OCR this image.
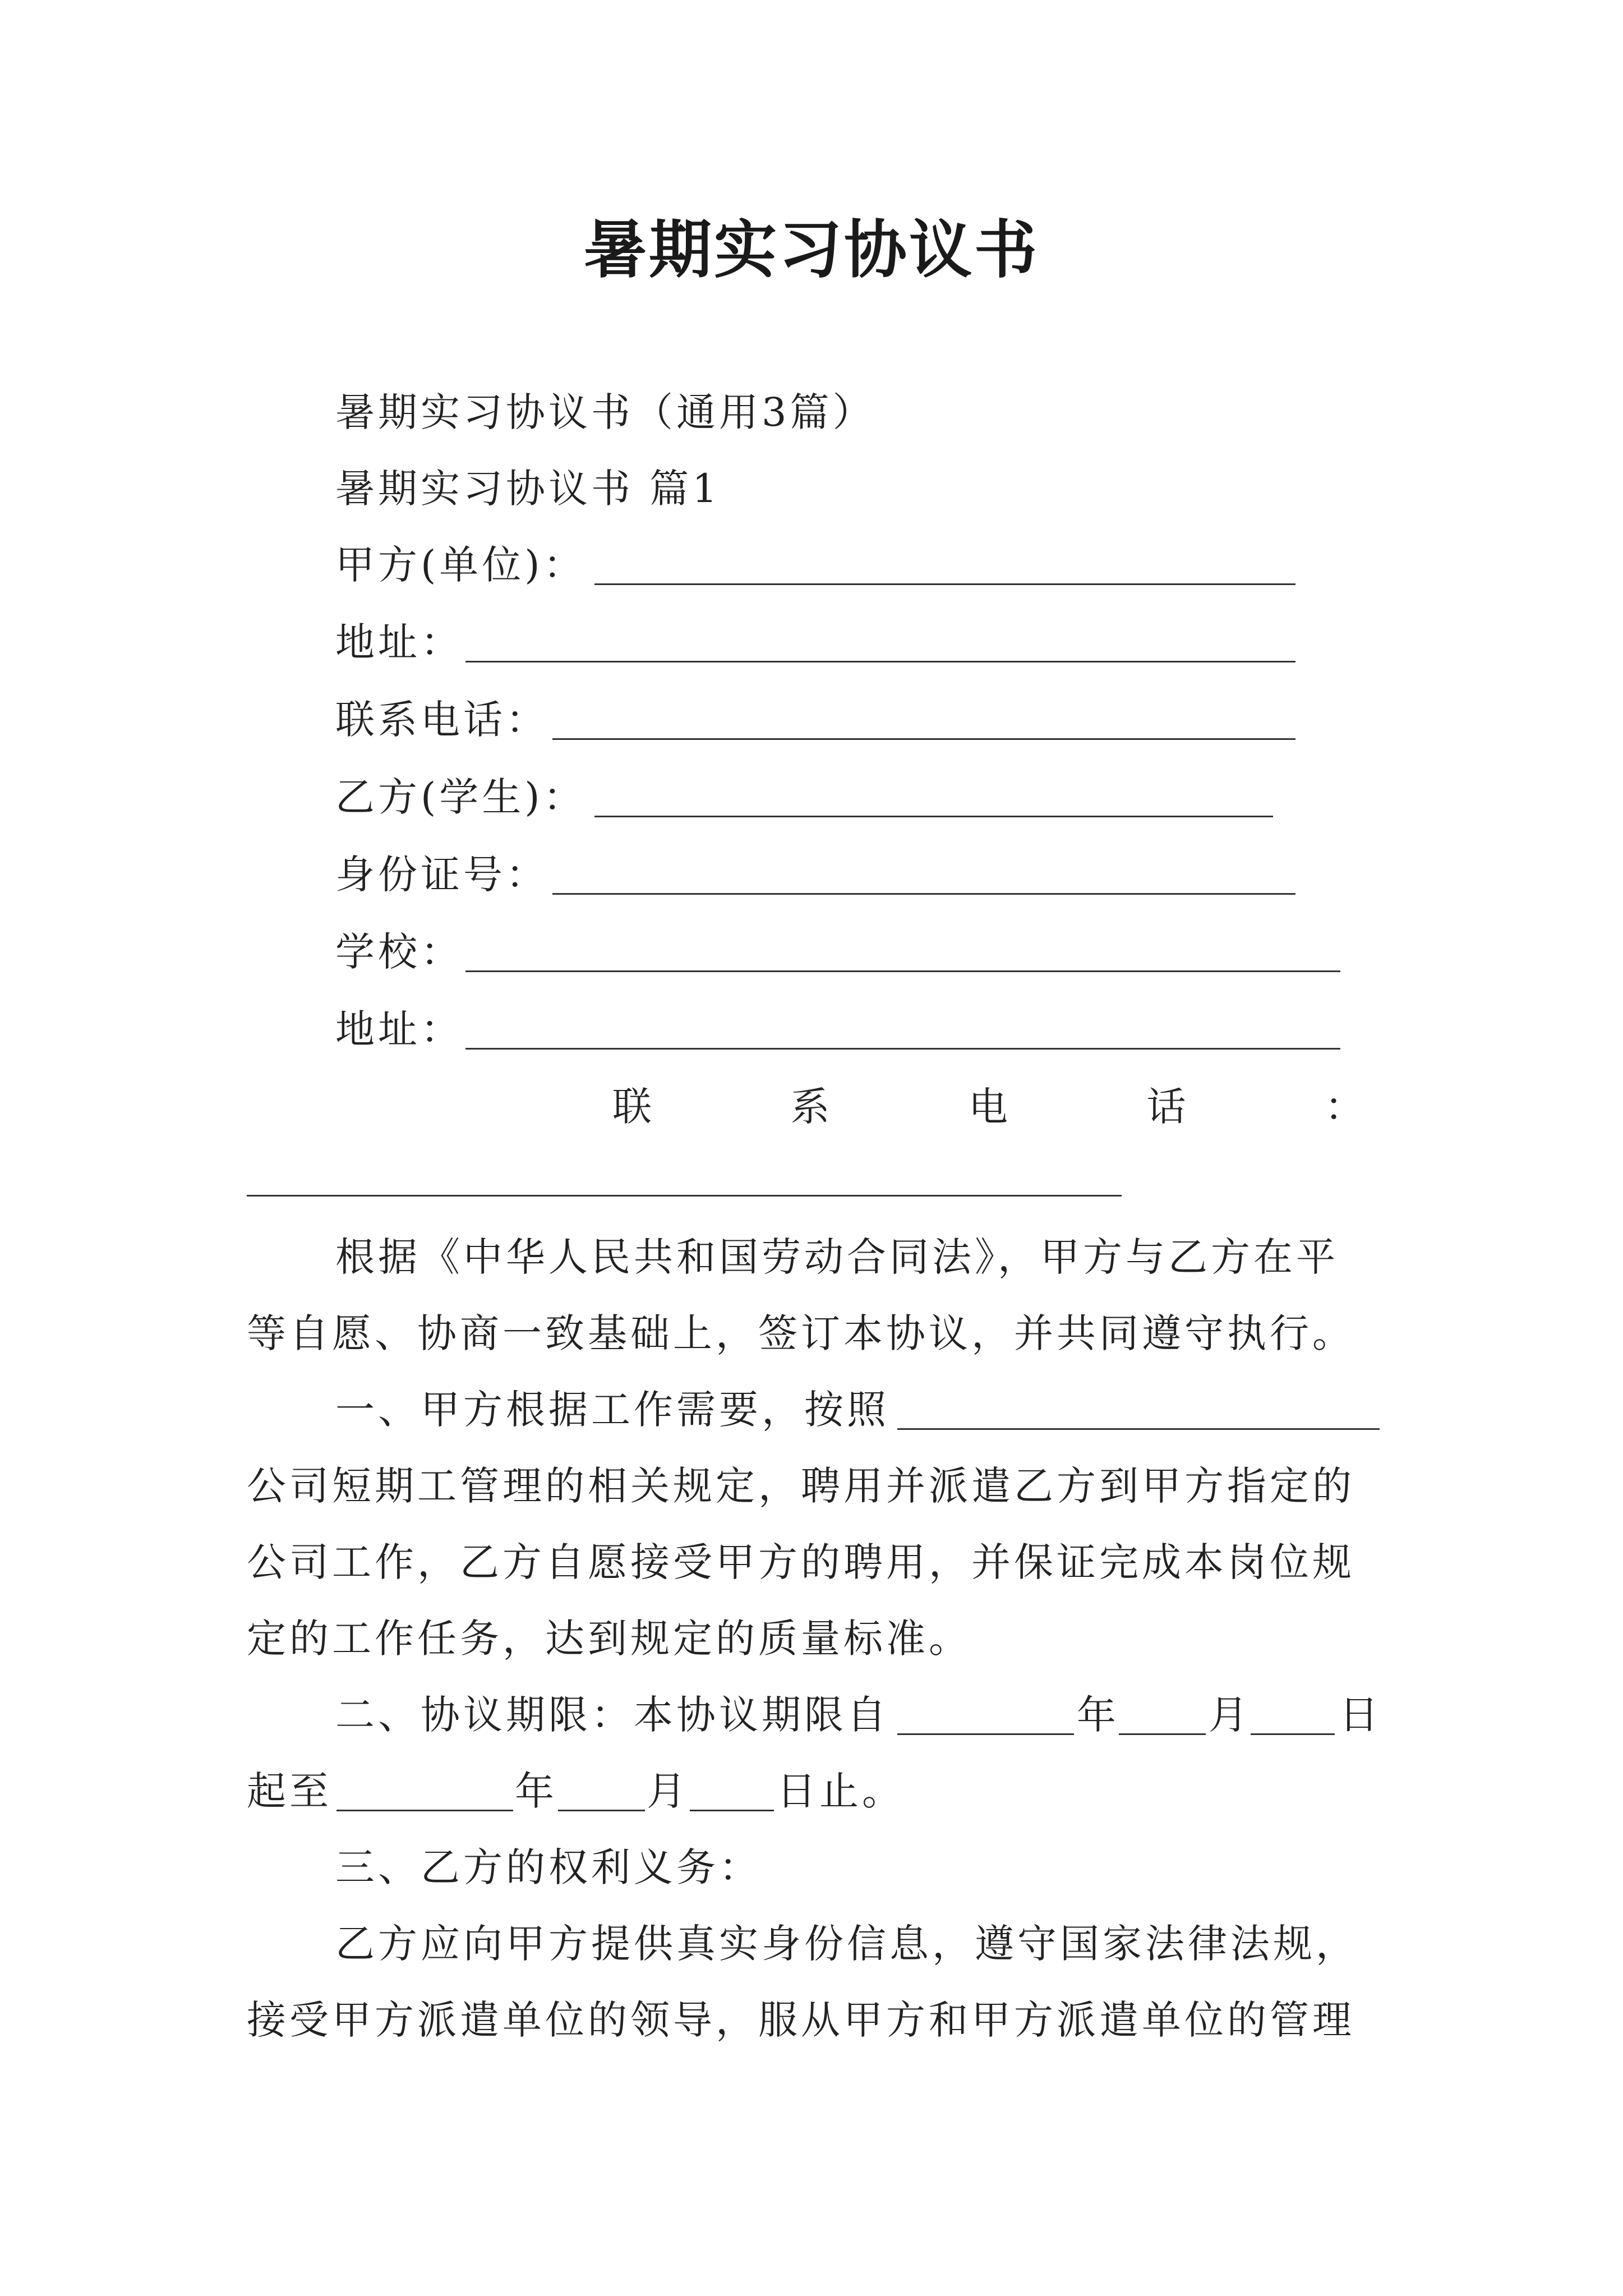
暑期实习协议书
暑期实习协议书（通用3篇）
暑期实习协议书 篇1
甲方(单位)：
地址：
联系电话：
乙方(学生)：
身份证号：
学校：
地址：
联	系	电	话	：
根据《中华人民共和国劳动合同法》，甲方与乙方在平
等自愿、协商一致基础上，签订本协议，并共同遵守执行。
一、甲方根据工作需要，按照
公司短期工管理的相关规定，聘用并派遣乙方到甲方指定的
公司工作，乙方自愿接受甲方的聘用，并保证完成本岗位规
定的工作任务，达到规定的质量标准。
二、协议期限：本协议期限自	年 月 日
起至	年 月 日止。
三、乙方的权利义务：
乙方应向甲方提供真实身份信息，遵守国家法律法规，
接受甲方派遣单位的领导，服从甲方和甲方派遣单位的管理
